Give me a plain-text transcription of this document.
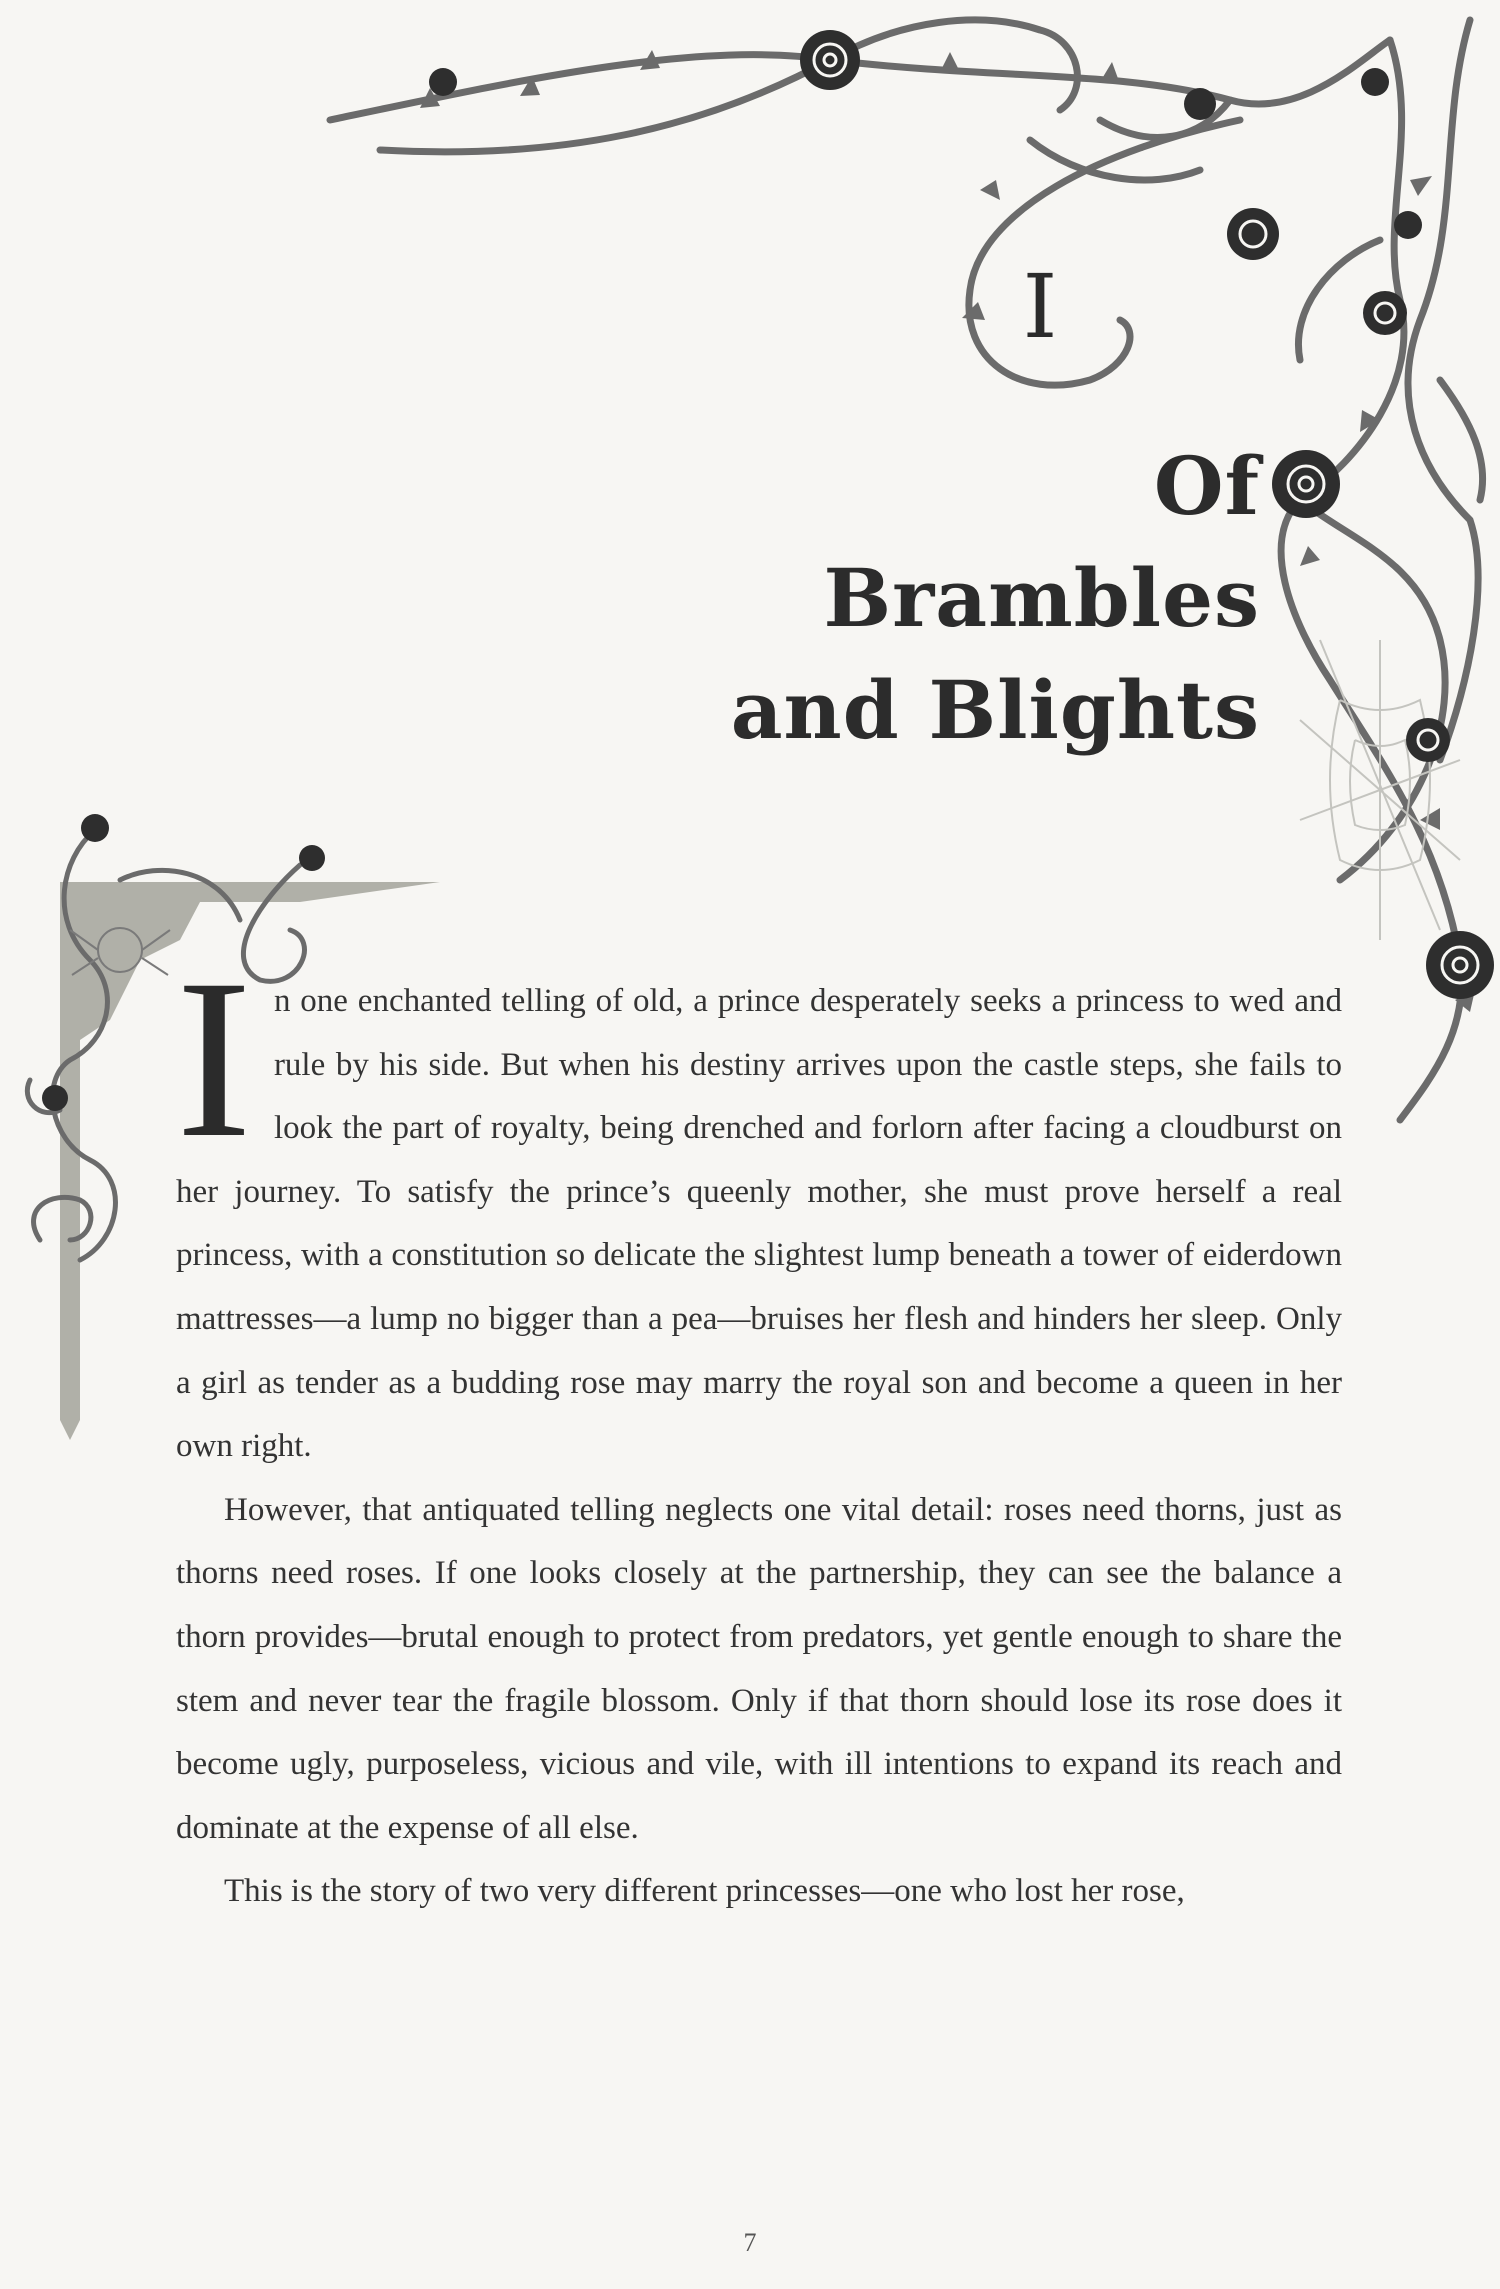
I
Of Brambles
and Blights

In one enchanted telling of old, a prince desperately seeks a princess to wed and rule by his side. But when his destiny arrives upon the castle steps, she fails to look the part of royalty, being drenched and forlorn after facing a cloudburst on her journey. To satisfy the prince’s queenly mother, she must prove herself a real princess, with a constitution so delicate the slightest lump beneath a tower of eiderdown mattresses—a lump no bigger than a pea—bruises her flesh and hinders her sleep. Only a girl as tender as a budding rose may marry the royal son and become a queen in her own right.

However, that antiquated telling neglects one vital detail: roses need thorns, just as thorns need roses. If one looks closely at the partnership, they can see the balance a thorn provides—brutal enough to protect from predators, yet gentle enough to share the stem and never tear the fragile blossom. Only if that thorn should lose its rose does it become ugly, purposeless, vicious and vile, with ill intentions to expand its reach and dominate at the expense of all else.

This is the story of two very different princesses—one who lost her rose,

7
